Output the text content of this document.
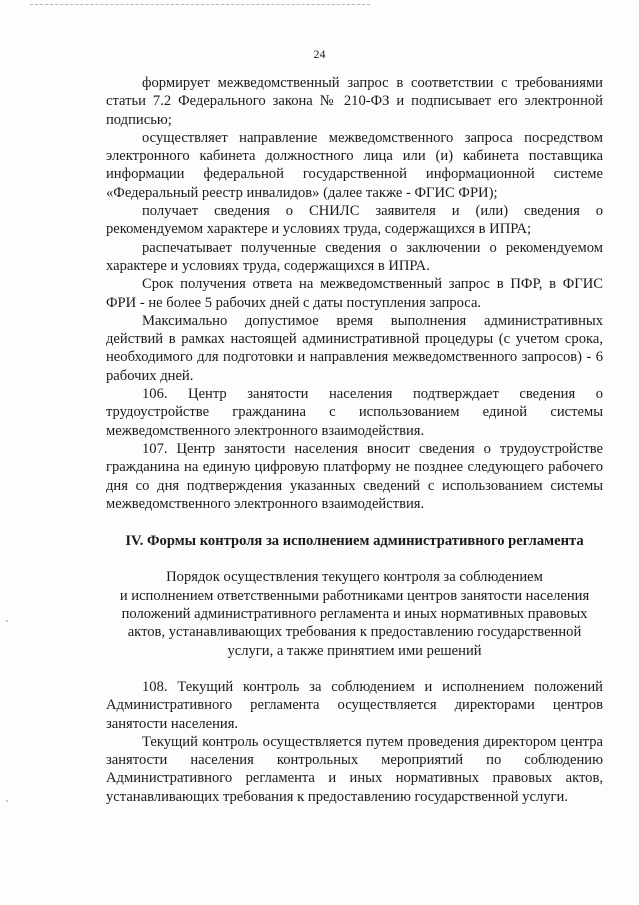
24

формирует межведомственный запрос в соответствии с требованиями статьи 7.2 Федерального закона № 210-ФЗ и подписывает его электронной подписью;

осуществляет направление межведомственного запроса посредством электронного кабинета должностного лица или (и) кабинета поставщика информации федеральной государственной информационной системе «Федеральный реестр инвалидов» (далее также - ФГИС ФРИ);

получает сведения о СНИЛС заявителя и (или) сведения о рекомендуемом характере и условиях труда, содержащихся в ИПРА;

распечатывает полученные сведения о заключении о рекомендуемом характере и условиях труда, содержащихся в ИПРА.

Срок получения ответа на межведомственный запрос в ПФР, в ФГИС ФРИ - не более 5 рабочих дней с даты поступления запроса.

Максимально допустимое время выполнения административных действий в рамках настоящей административной процедуры (с учетом срока, необходимого для подготовки и направления межведомственного запросов) - 6 рабочих дней.

106. Центр занятости населения подтверждает сведения о трудоустройстве гражданина с использованием единой системы межведомственного электронного взаимодействия.

107. Центр занятости населения вносит сведения о трудоустройстве гражданина на единую цифровую платформу не позднее следующего рабочего дня со дня подтверждения указанных сведений с использованием системы межведомственного электронного взаимодействия.

IV. Формы контроля за исполнением административного регламента
Порядок осуществления текущего контроля за соблюдением
и исполнением ответственными работниками центров занятости населения
положений административного регламента и иных нормативных правовых
актов, устанавливающих требования к предоставлению государственной
услуги, а также принятием ими решений

108. Текущий контроль за соблюдением и исполнением положений Административного регламента осуществляется директорами центров занятости населения.

Текущий контроль осуществляется путем проведения директором центра занятости населения контрольных мероприятий по соблюдению Административного регламента и иных нормативных правовых актов, устанавливающих требования к предоставлению государственной услуги.
